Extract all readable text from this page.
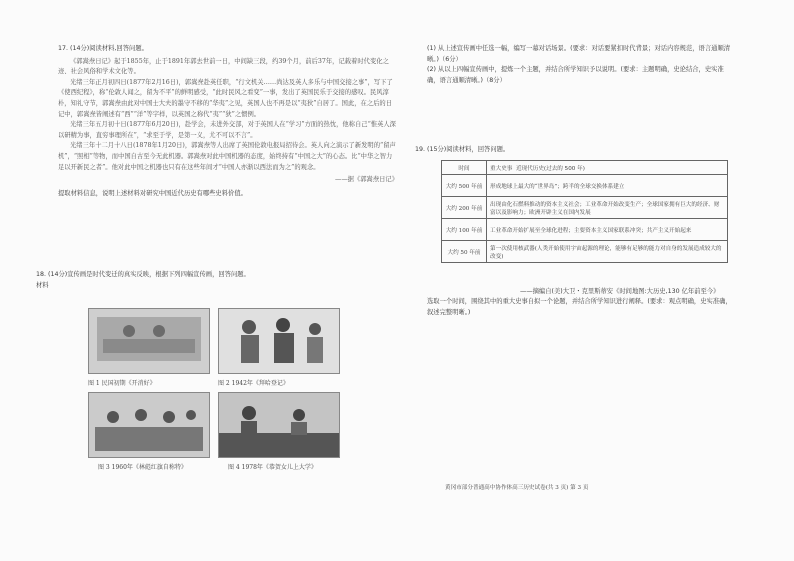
17. (14分)阅读材料,回答问题。

《郭嵩焘日记》起于1855年，止于1891年郭去世前一日，中间缺三段，约39个月，前后37年，记载着时代变化之迹、社会风俗和学术文化等。

光绪三年正月初四日(1877年2月16日)，郭嵩焘赴英任职，“行文机关……尚达及英人多乐与中国交接之事”，写下了《使西纪程》，称“伦敦人闻之，留为不平”的鲜明感受，“此时民风之看变”一事，发出了英国民乐于交接的感叹。民风淳朴，知礼守节，郭嵩焘由此对中国士大夫的墨守不移的“华夷”之见，英国人也不再是以“夷狄”自居了。国此，在之后的日记中，郭嵩焘皆阐述有“西”“洋”等字样，以英国之称代“夷”“狄”之惯例。

光绪三年五月初十日(1877年6月20日)，赴学会，未进外交部，对于英国人在“学习”方面的热忱，他称自己“惟英人深以研精为事，直穷事理所在”，“求至于学，是第一义，尤不可以不言”。

光绪三年十二月十八日(1878年1月20日)，郭嵩焘等人出席了英国伦敦电报局招待会。英人向之演示了新发明的“留声机”，“照相”等物，而中国自古至今无此机器。郭嵩焘对此中国机器的态度，始终持有“中国之大”的心态。比“中华之智力足以开新民之者”。他对此中国之机器也只有在这些年间才“中国人亦渐以西法而为之”的观念。

——据《郭嵩焘日记》
提取材料信息，说明上述材料对研究中国近代历史有哪些史料价值。
(1) 从上述宣传画中任选一幅，编写一幕对话场景。(要求：对话要紧扣时代背景；对话内容规范，语言通顺清晰。)（6分）
(2) 从以上四幅宣传画中，提炼一个主题，并结合所学知识予以说明。(要求：主题明确，史论结合，史实准确，语言通顺清晰。)（8分）
18. (14分)宣传画是时代变迁的真实反映，根据下列四幅宣传画，回答问题。
材料
图 1 民国初期《开消好》	图 2 1942年《拜哈登记》
图 3 1960年《林彪红旗自称特》	图 4 1978年《恭贺女儿上大学》
19. (15分)阅读材料，回答问题。
时间	重大史事 近现代历史(过去的 500 年)
大约 500 年前	形成地球上最大的“世界岛”；跨半的全球交换体系建立
大约 200 年前	出现由化石燃料推动的资本主义社会；工业革命开始改变生产；全球国家拥有巨大的经济、财富以及影响力；欧洲开辟主义在国内发展
大约 100 年前	工业革命开始扩展至全球化进程；主要资本主义国家联系冲突；共产主义开始起来
大约 50 年前	第一次使用核武器(人类开始使用宇宙起源的理论，能够有足够的能力对自身的发展造成较大的改变)
——摘编自(美)大卫・克里斯蒂安《时间地图:大历史,130 亿年前至今》
选取一个时间，围绕其中的重大史事自拟一个论题，并结合所学知识进行阐释。(要求：观点明确，史实准确，叙述完整明晰。)
黄冈市部分普通高中协作体高三历史试卷(共 3 页) 第 3 页
